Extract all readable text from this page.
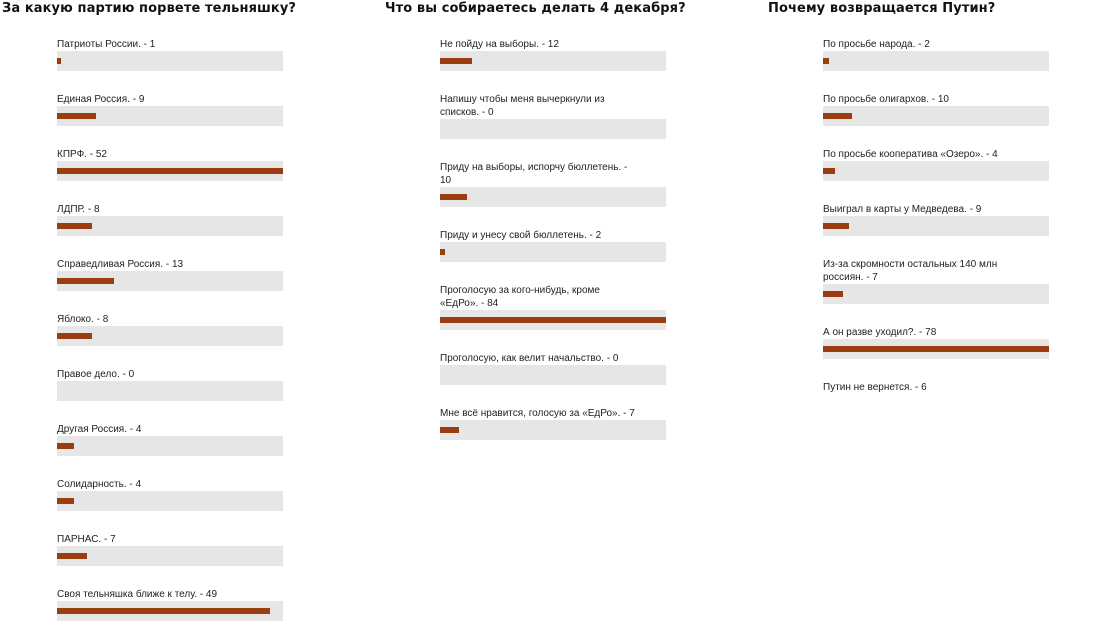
За какую партию порвете тельняшку?
Патриоты России. - 1
Единая Россия. - 9
КПРФ. - 52
ЛДПР. - 8
Справедливая Россия. - 13
Яблоко. - 8
Правое дело. - 0
Другая Россия. - 4
Солидарность. - 4
ПАРНАС. - 7
Своя тельняшка ближе к телу. - 49
Что вы собираетесь делать 4 декабря?
Не пойду на выборы. - 12
Напишу чтобы меня вычеркнули из списков. - 0
Приду на выборы, испорчу бюллетень. - 10
Приду и унесу свой бюллетень. - 2
Проголосую за кого-нибудь, кроме «ЕдРо». - 84
Проголосую, как велит начальство. - 0
Мне всё нравится, голосую за «ЕдРо». - 7
Почему возвращается Путин?
По просьбе народа. - 2
По просьбе олигархов. - 10
По просьбе кооператива «Озеро». - 4
Выиграл в карты у Медведева. - 9
Из-за скромности остальных 140 млн россиян. - 7
А он разве уходил?. - 78
Путин не вернется. - 6
